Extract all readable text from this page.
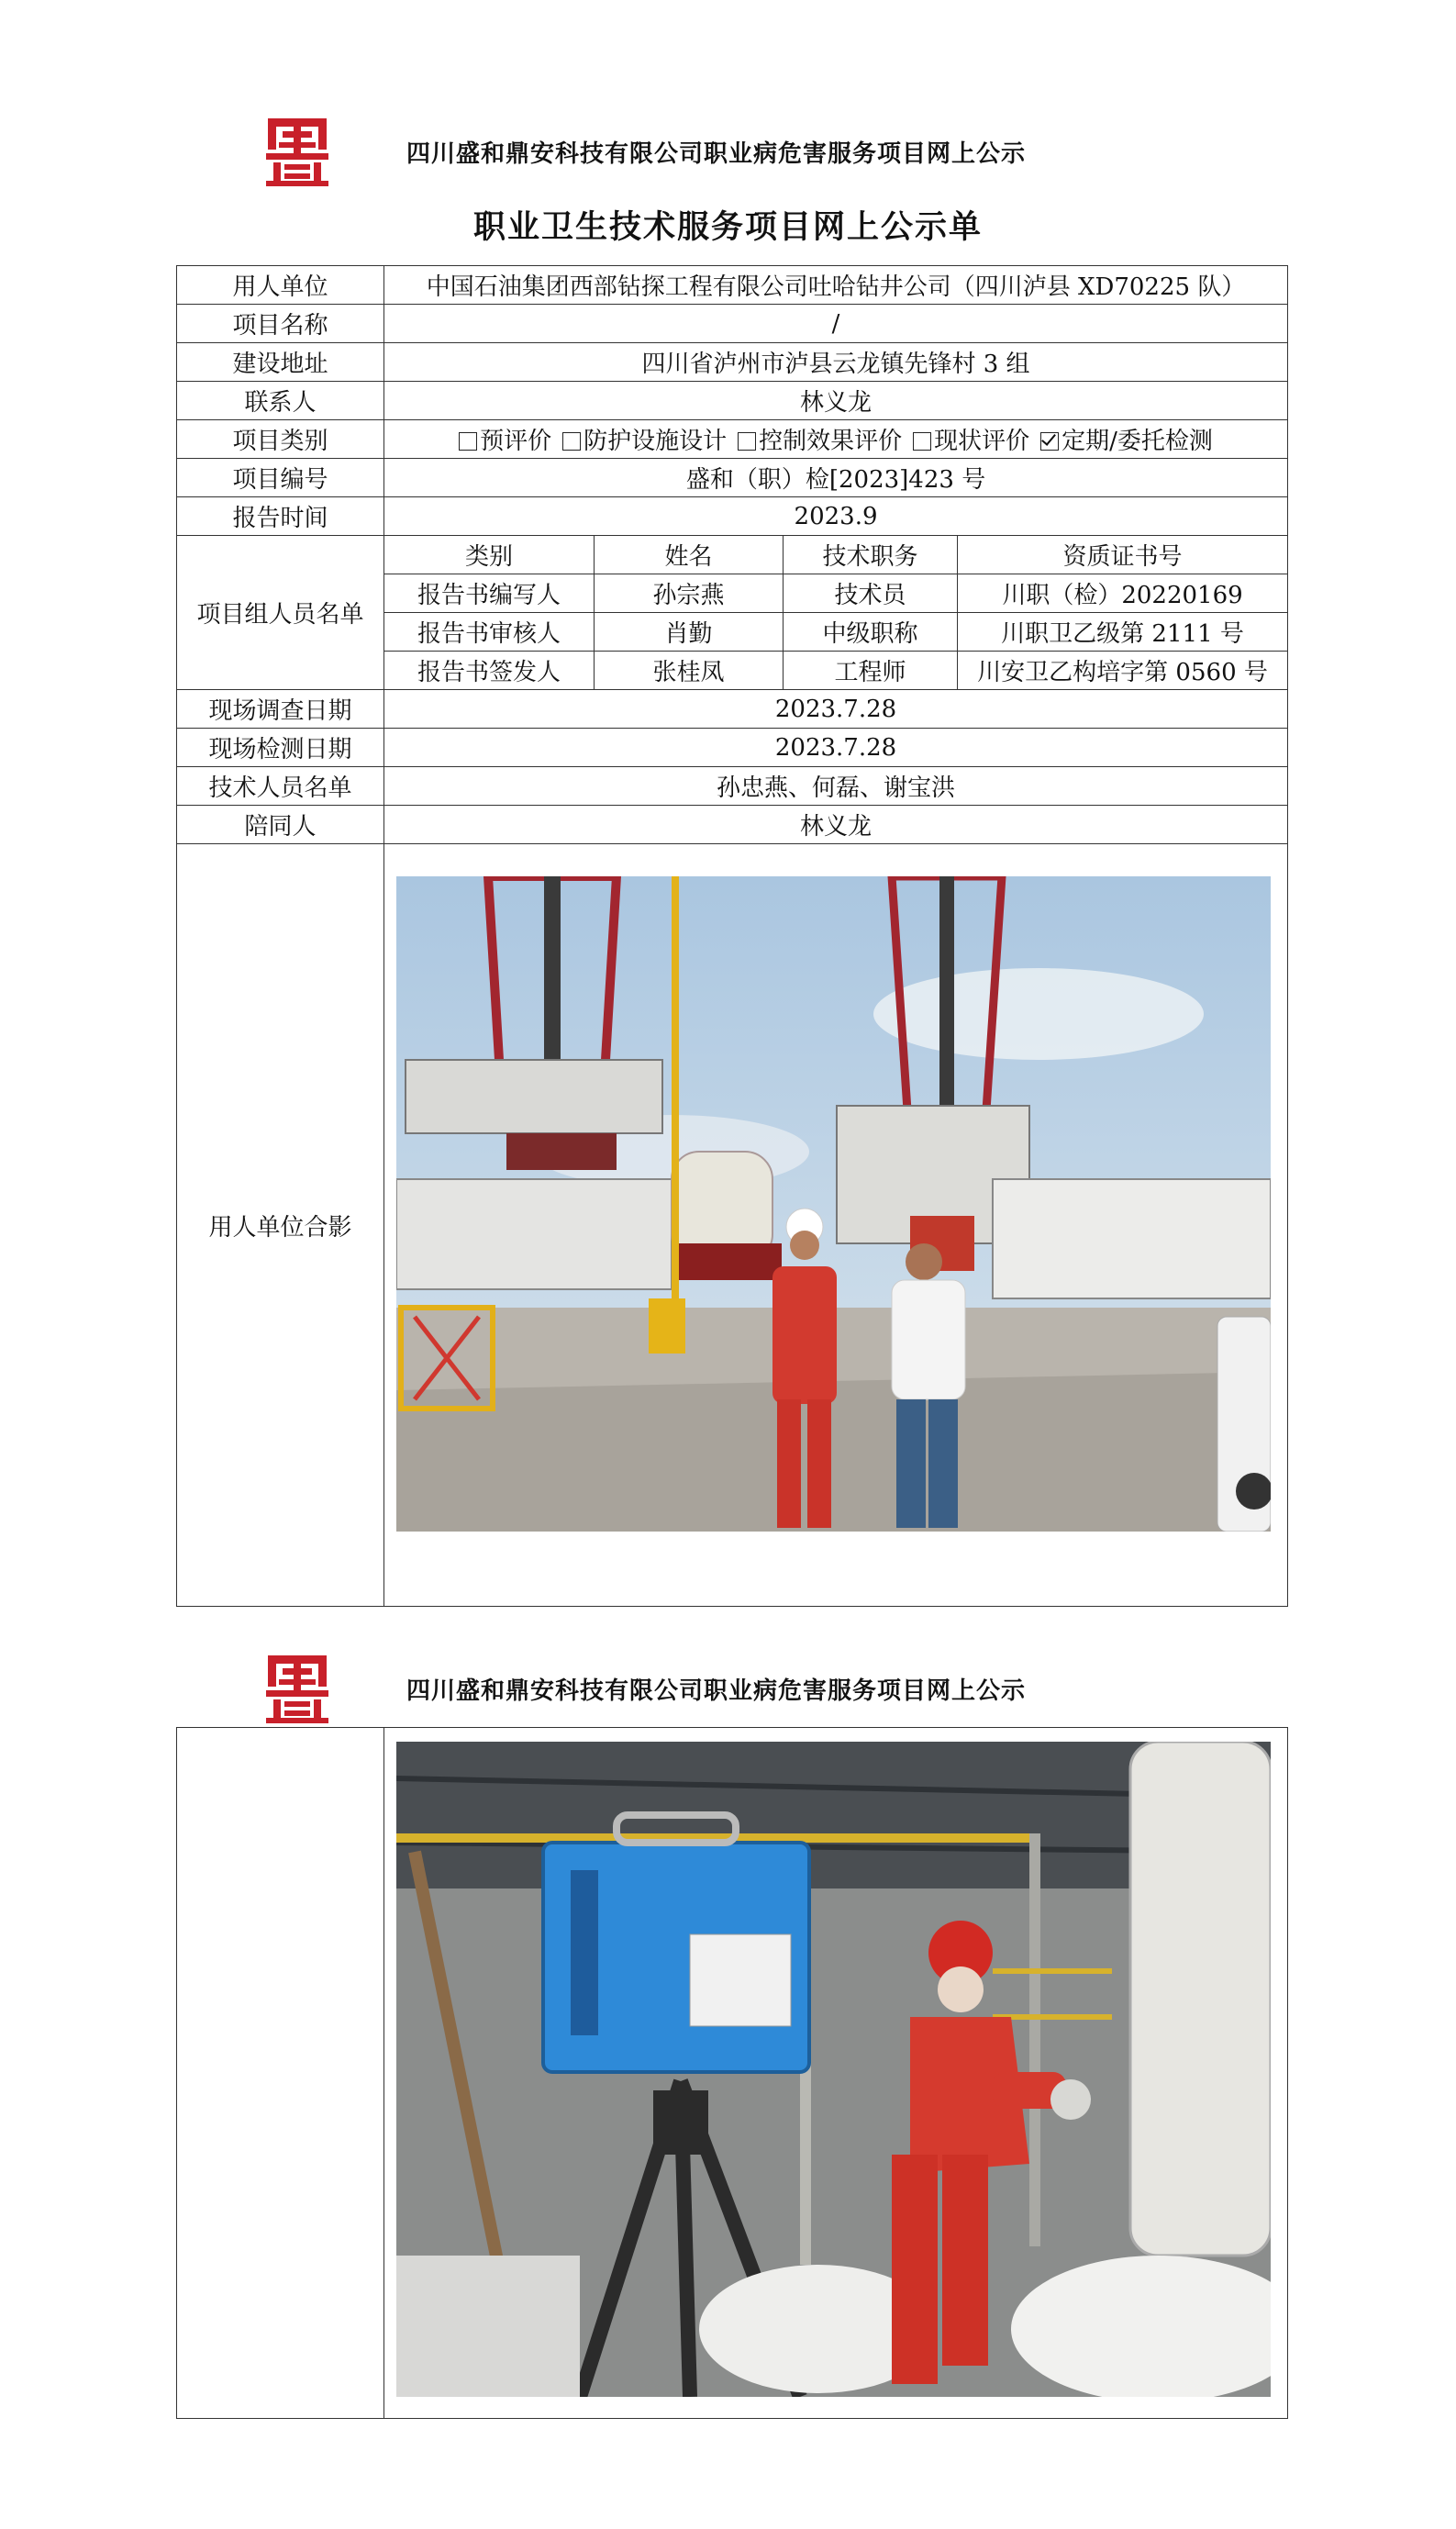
四川盛和鼎安科技有限公司职业病危害服务项目网上公示
职业卫生技术服务项目网上公示单
用人单位	中国石油集团西部钻探工程有限公司吐哈钻井公司（四川泸县 XD70225 队）			
项目名称	/			
建设地址	四川省泸州市泸县云龙镇先锋村 3 组			
联系人	林义龙			
项目类别	预评价 防护设施设计 控制效果评价 现状评价 定期/委托检测			
项目编号	盛和（职）检[2023]423 号			
报告时间	2023.9			
项目组人员名单	类别	姓名	技术职务	资质证书号
	报告书编写人	孙宗燕	技术员	川职（检）20220169
	报告书审核人	肖勤	中级职称	川职卫乙级第 2111 号
	报告书签发人	张桂凤	工程师	川安卫乙构培字第 0560 号
现场调查日期	2023.7.28			
现场检测日期	2023.7.28			
技术人员名单	孙忠燕、何磊、谢宝洪			
陪同人	林义龙			
用人单位合影				
四川盛和鼎安科技有限公司职业病危害服务项目网上公示
